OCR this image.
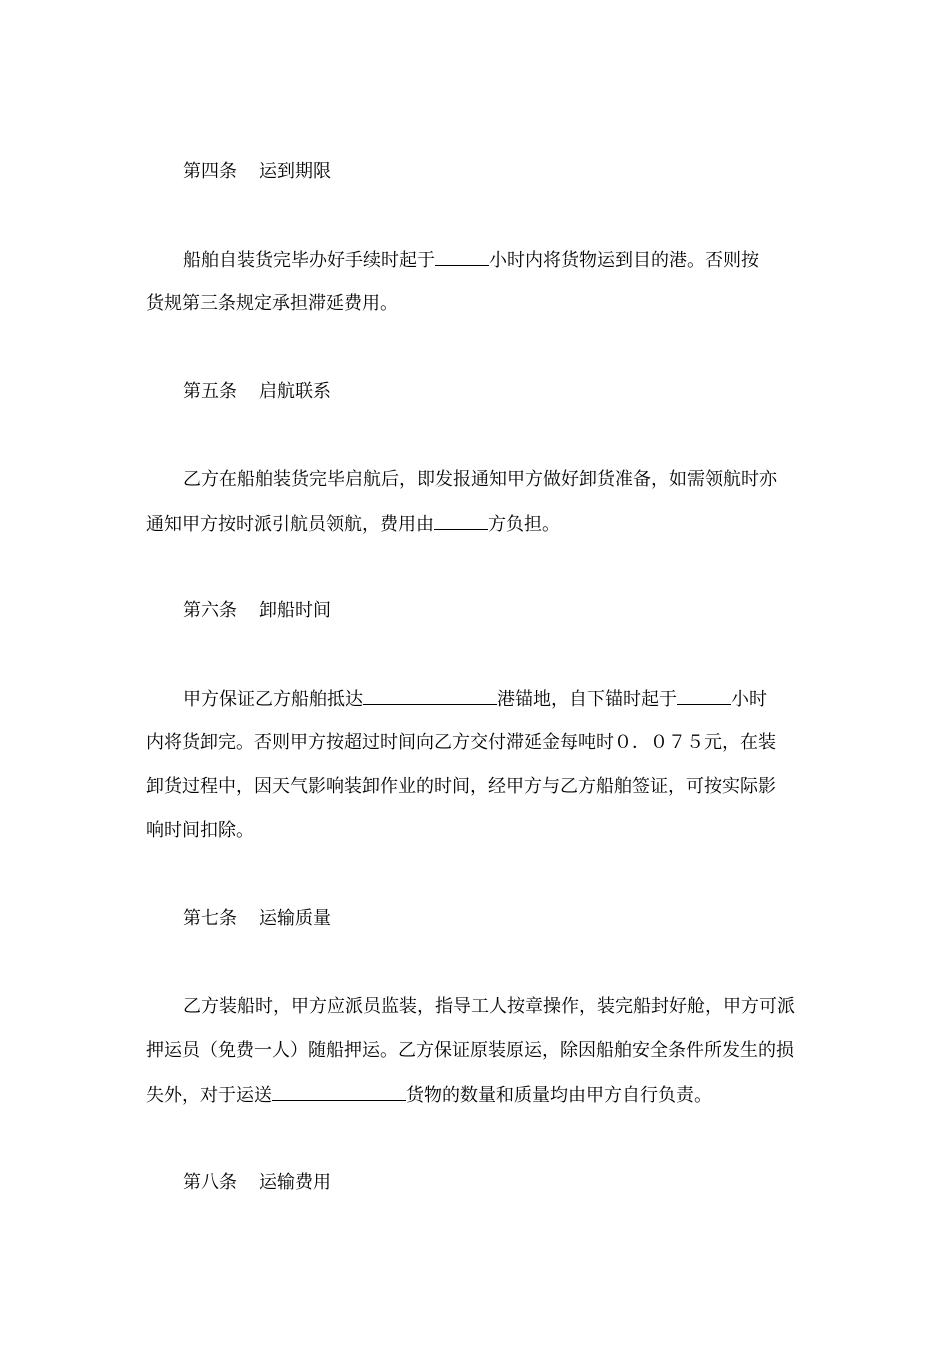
第四条 运到期限

船舶自装货完毕办好手续时起于	小时内将货物运到目的港。否则按

货规第三条规定承担滞延费用。

第五条 启航联系

乙方在船舶装货完毕启航后，即发报通知甲方做好卸货准备，如需领航时亦

通知甲方按时派引航员领航，费用由	方负担。

第六条 卸船时间

甲方保证乙方船舶抵达	港锚地，自下锚时起于	小时

内将货卸完。否则甲方按超过时间向乙方交付滞延金每吨时０．０７５元，在装

卸货过程中，因天气影响装卸作业的时间，经甲方与乙方船舶签证，可按实际影

响时间扣除。

第七条 运输质量

乙方装船时，甲方应派员监装，指导工人按章操作，装完船封好舱，甲方可派

押运员（免费一人）随船押运。乙方保证原装原运，除因船舶安全条件所发生的损

失外，对于运送	货物的数量和质量均由甲方自行负责。

第八条 运输费用
